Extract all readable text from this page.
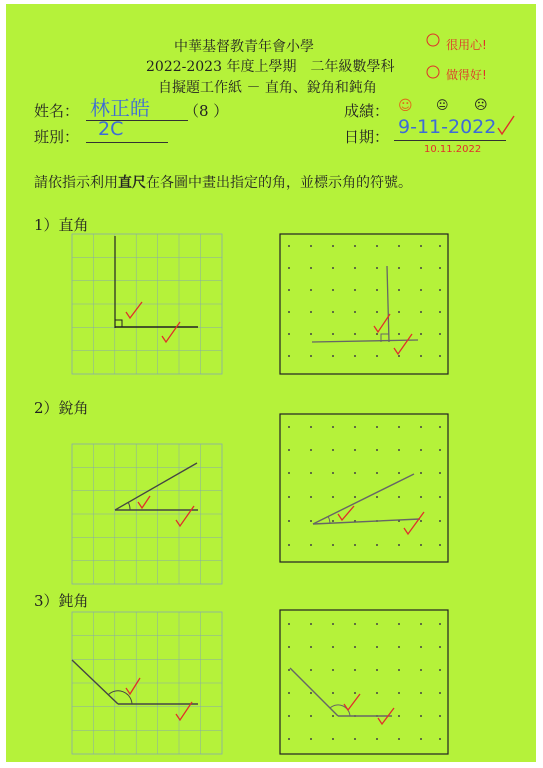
中華基督教青年會小學
2022-2023 年度上學期　二年級數學科
自擬題工作紙 － 直角、銳角和鈍角
很用心!
做得好!
姓名： 林正皓 （8 ）
班別： 2C
成績： ☺ 😐 ☹
日期： 9-11-2022
10.11.2022
請依指示利用直尺在各圖中畫出指定的角，並標示角的符號。
1）直角
2）銳角
3）鈍角
